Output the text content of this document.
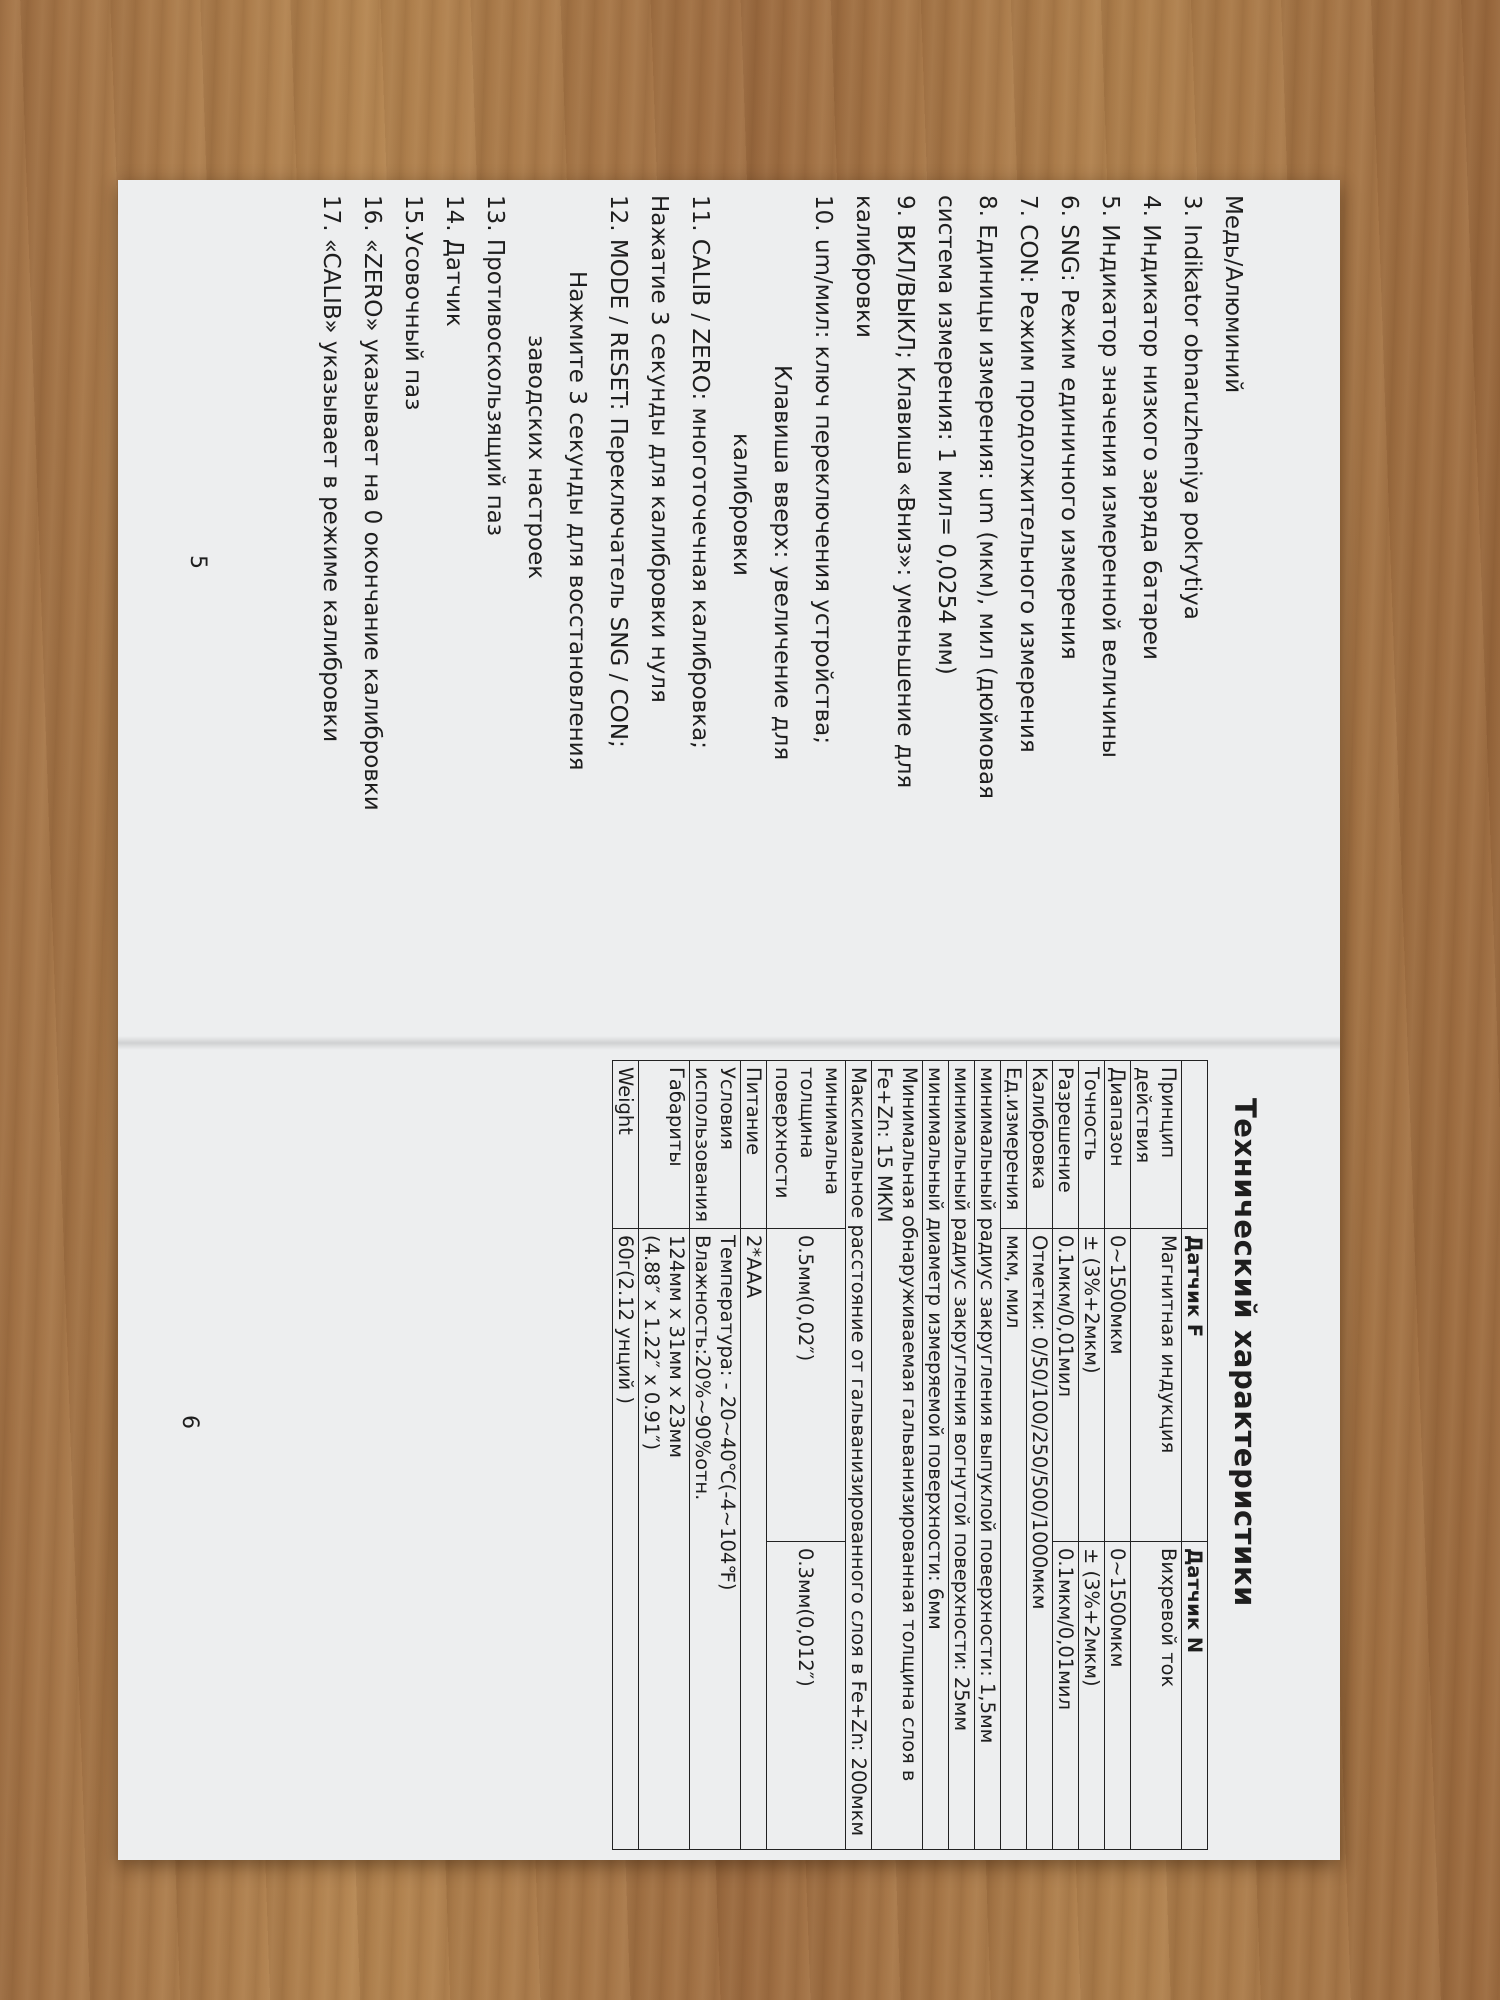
Медь/Алюминий
3. Indikator obnaruzheniya pokrytiya
4. Индикатор низкого заряда батареи
5. Индикатор значения измеренной величины
6. SNG: Режим единичного измерения
7. CON: Режим продолжительного измерения
8. Единицы измерения: um (мкм), мил (дюймовая
система измерения: 1 мил= 0,0254 мм)
9. ВКЛ/ВЫКЛ; Клавиша «Вниз»: уменьшение для
калибровки
10. um/мил: ключ переключения устройства;
Клавиша вверх: увеличение для
калибровки
11. CALIB / ZERO: многоточечная калибровка;
Нажатие 3 секунды для калибровки нуля
12. MODE / RESET: Переключатель SNG / CON;
Нажмите 3 секунды для восстановления
заводских настроек
13. Противоскользящий паз
14. Датчик
15.Усовочный паз
16. «ZERO» указывает на 0 окончание калибровки
17. «CALIB» указывает в режиме калибровки
5
Технический характеристики
	Датчик F	Датчик N
Принцип действия	Магнитная индукция	Вихревой ток
Диапазон	0~1500мкм	0~1500мкм
Точность	± (3%+2мкм)	± (3%+2мкм)
Разрешение	0.1мкм/0,01мил	0.1мкм/0,01мил
Калибровка	Отметки: 0/50/100/250/500/1000мкм	
Ед.измерения	мкм, мил	
минимальный радиус закругления выпуклой поверхности: 1,5мм		
минимальный радиус закругления вогнутой поверхности: 25мм		
минимальный диаметр измеряемой поверхности: 6мм		
Минимальная обнаруживаемая гальванизированная толщина слоя в Fe+Zn: 15 МКМ		
Максимальное расстояние от гальванизированного слоя в Fe+Zn: 200мкм		
минимальна толщина поверхности	0.5мм(0,02″)	0.3мм(0,012″)
Питание	2*AAA	
Условия использования	Температура: - 20~40℃(-4~104℉)
Влажность:20%~90%отн.	

Габариты	124мм x 31мм x 23мм
(4.88″ x 1.22″ x 0.91″)	

Weight	60г(2.12 унций )	
6
